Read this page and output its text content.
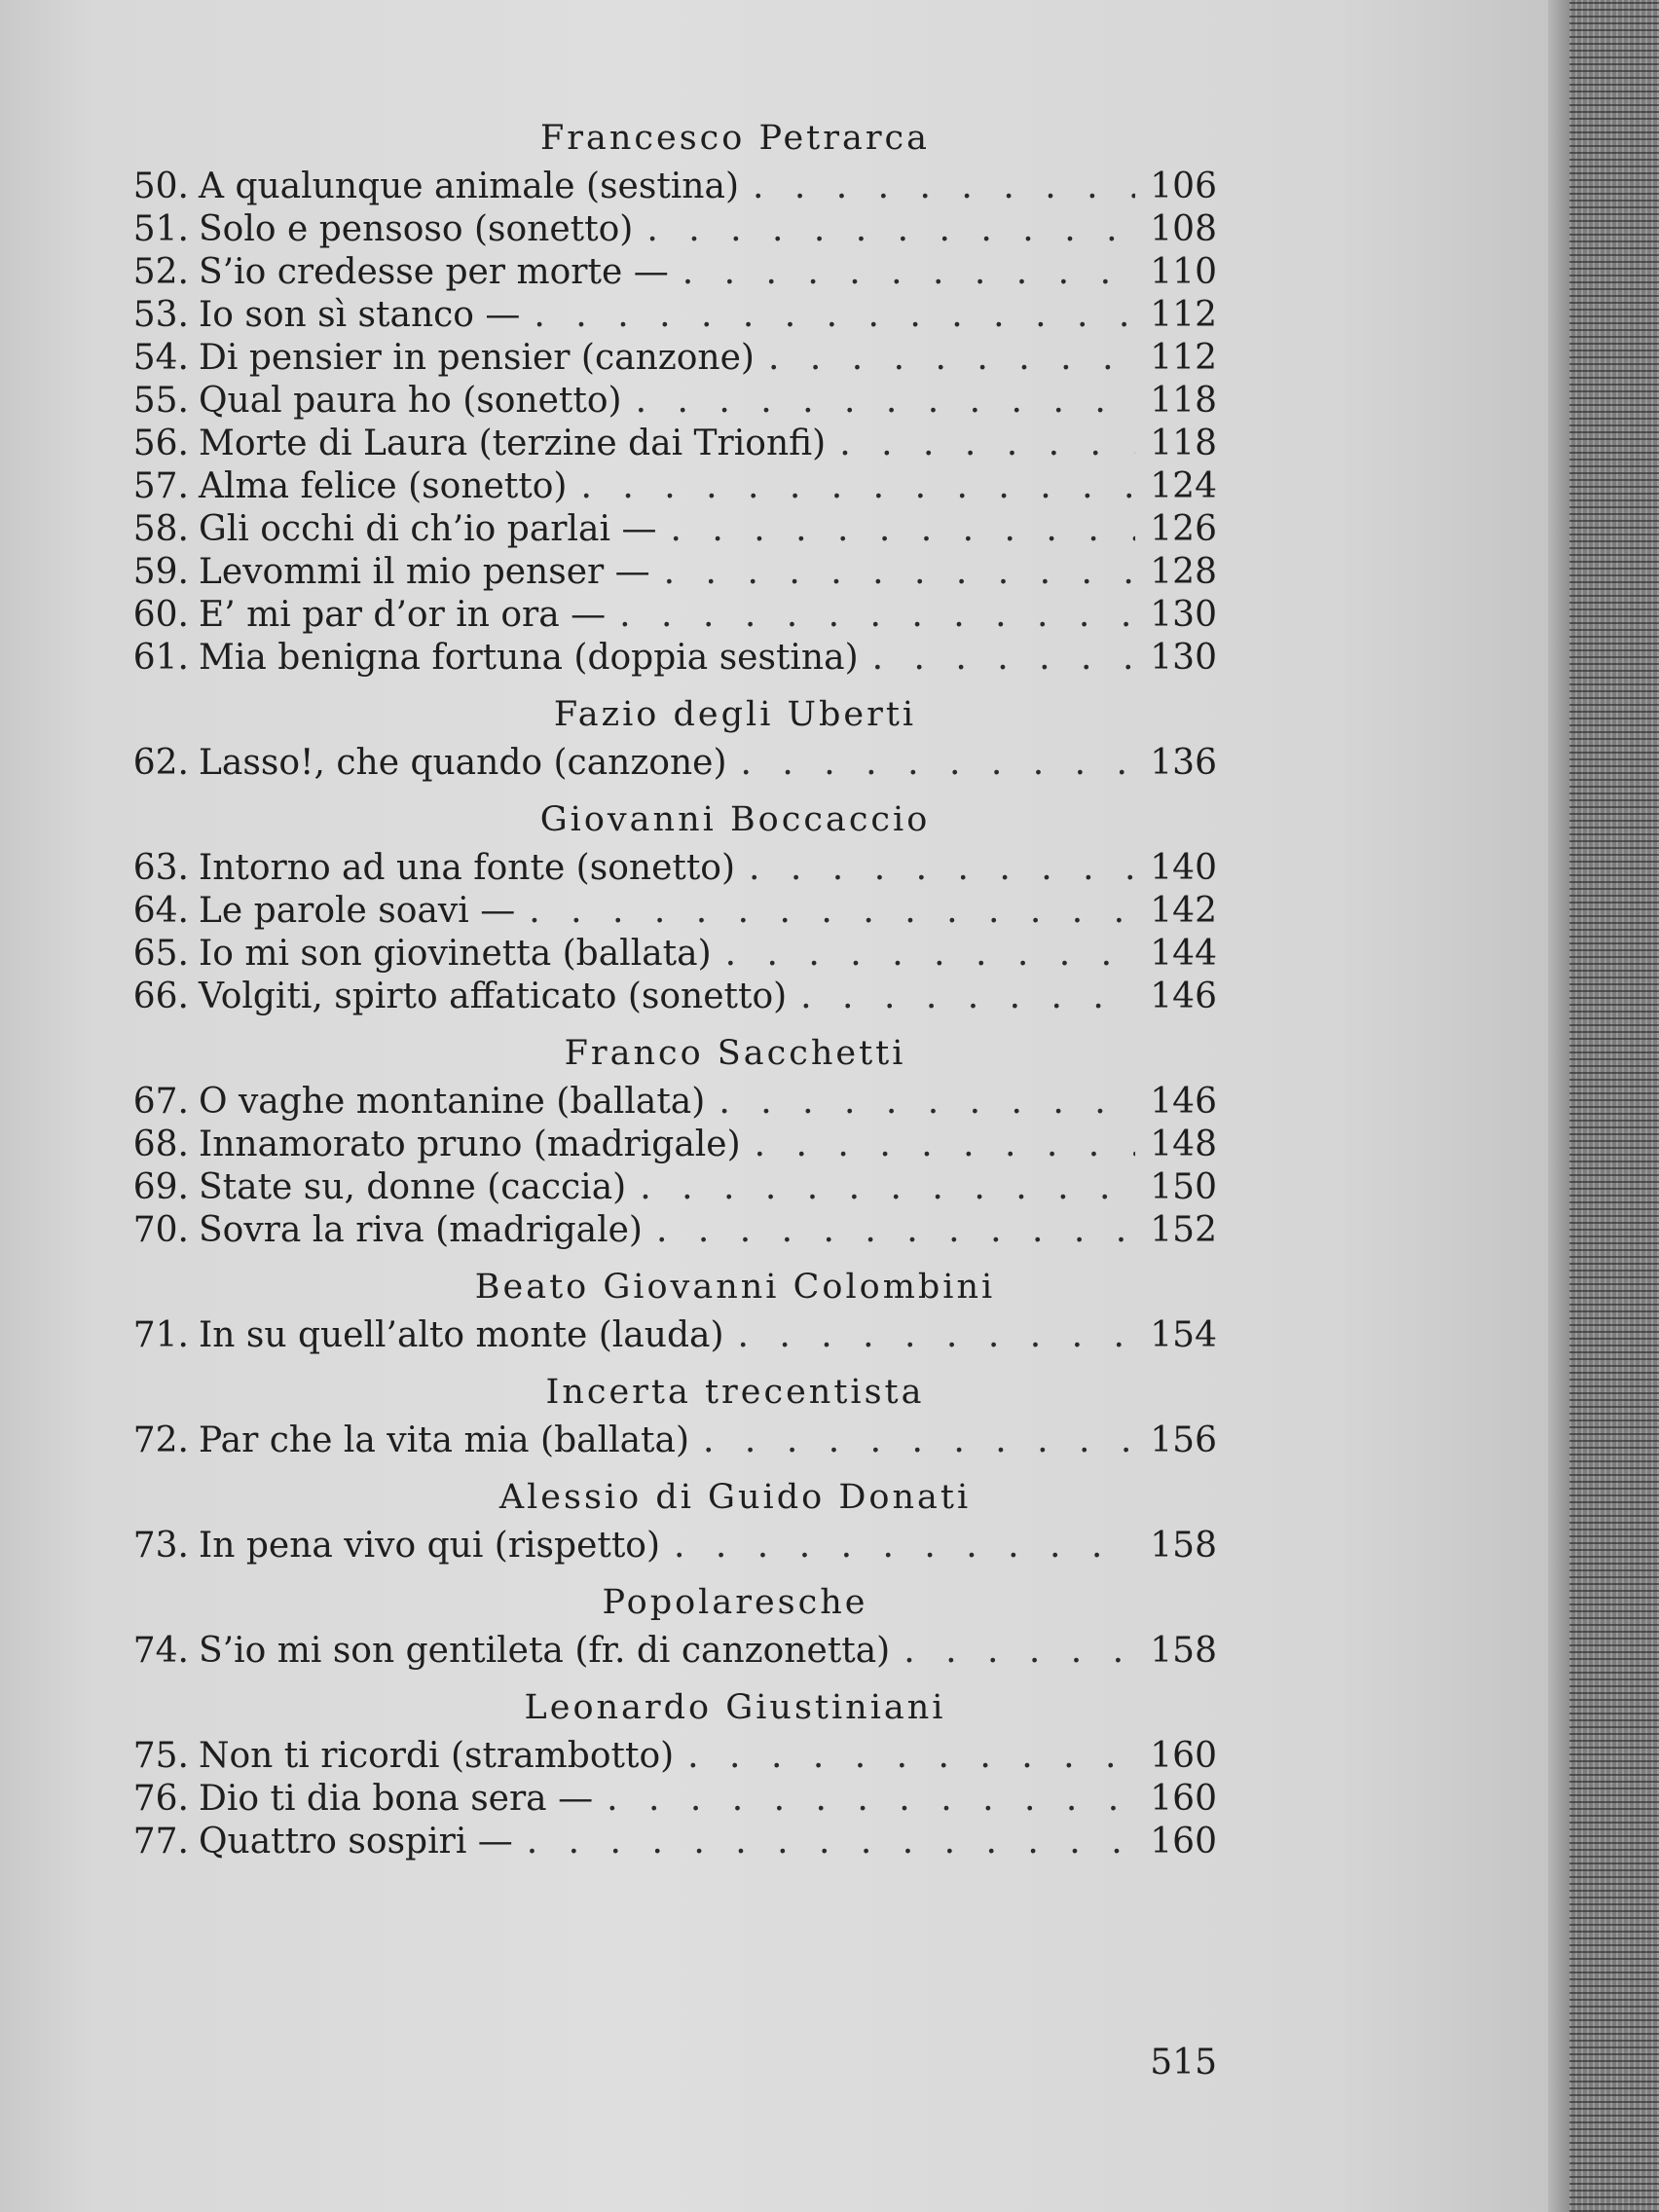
Francesco Petrarca
50. A qualunque animale (sestina) . . .	106
51. Solo e pensoso (sonetto) . . .	108
52. S’io credesse per morte — . . .	110
53. Io son sì stanco — . . .	112
54. Di pensier in pensier (canzone) . . .	112
55. Qual paura ho (sonetto) . . .	118
56. Morte di Laura (terzine dai Trionfi) . . .	118
57. Alma felice (sonetto) . . .	124
58. Gli occhi di ch’io parlai — . . .	126
59. Levommi il mio penser — . . .	128
60. E’ mi par d’or in ora — . . .	130
61. Mia benigna fortuna (doppia sestina) . . .	130
Fazio degli Uberti
62. Lasso!, che quando (canzone) . . .	136
Giovanni Boccaccio
63. Intorno ad una fonte (sonetto) . . .	140
64. Le parole soavi — . . .	142
65. Io mi son giovinetta (ballata) . . .	144
66. Volgiti, spirto affaticato (sonetto) . . .	146
Franco Sacchetti
67. O vaghe montanine (ballata) . . .	146
68. Innamorato pruno (madrigale) . . .	148
69. State su, donne (caccia) . . .	150
70. Sovra la riva (madrigale) . . .	152
Beato Giovanni Colombini
71. In su quell’alto monte (lauda) . . .	154
Incerta trecentista
72. Par che la vita mia (ballata) . . .	156
Alessio di Guido Donati
73. In pena vivo qui (rispetto) . . .	158
Popolaresche
74. S’io mi son gentileta (fr. di canzonetta) . . .	158
Leonardo Giustiniani
75. Non ti ricordi (strambotto) . . .	160
76. Dio ti dia bona sera — . . .	160
77. Quattro sospiri — . . .	160
515
